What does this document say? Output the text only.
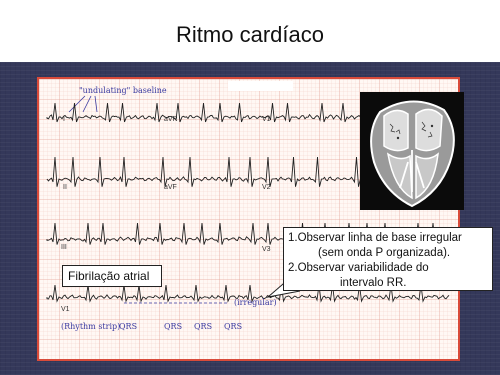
Ritmo cardíaco
"undulating" baseline
I	aVR	V1
II	aVF	V2
III	V3
V1
(irregular)
(Rhythm strip)
QRS	QRS QRS QRS
Fibrilação atrial
1.Observar linha de base irregular
(sem onda P organizada).
2.Observar variabilidade do
intervalo RR.
